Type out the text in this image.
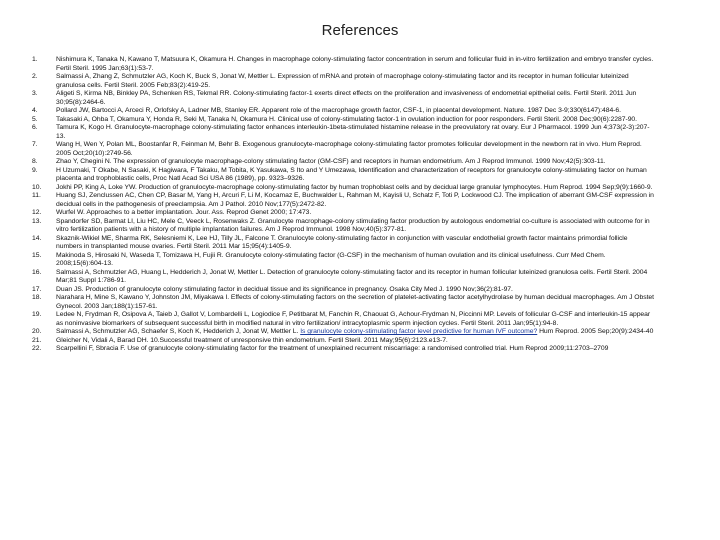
References
1.	Nishimura K, Tanaka N, Kawano T, Matsuura K, Okamura H. Changes in macrophage colony-stimulating factor concentration in serum and follicular fluid in in-vitro fertilization and embryo transfer cycles. Fertil Steril. 1995 Jan;63(1):53-7.
2.	Salmassi A, Zhang Z, Schmutzler AG, Koch K, Buck S, Jonat W, Mettler L. Expression of mRNA and protein of macrophage colony-stimulating factor and its receptor in human follicular luteinized granulosa cells. Fertil Steril. 2005 Feb;83(2):419-25.
3.	Aligeti S, Kirma NB, Binkley PA, Schenken RS, Tekmal RR. Colony-stimulating factor-1 exerts direct effects on the proliferation and invasiveness of endometrial epithelial cells. Fertil Steril. 2011 Jun 30;95(8):2464-6.
4.	Pollard JW, Bartocci A, Arceci R, Orlofsky A, Ladner MB, Stanley ER. Apparent role of the macrophage growth factor, CSF-1, in placental development. Nature. 1987 Dec 3-9;330(6147):484-6.
5.	Takasaki A, Ohba T, Okamura Y, Honda R, Seki M, Tanaka N, Okamura H. Clinical use of colony-stimulating factor-1 in ovulation induction for poor responders. Fertil Steril. 2008 Dec;90(6):2287-90.
6.	Tamura K, Kogo H. Granulocyte-macrophage colony-stimulating factor enhances interleukin-1beta-stimulated histamine release in the preovulatory rat ovary. Eur J Pharmacol. 1999 Jun 4;373(2-3):207-13.
7.	Wang H, Wen Y, Polan ML, Boostanfar R, Feinman M, Behr B. Exogenous granulocyte-macrophage colony-stimulating factor promotes follicular development in the newborn rat in vivo. Hum Reprod. 2005 Oct;20(10):2749-56.
8.	Zhao Y, Chegini N. The expression of granulocyte macrophage-colony stimulating factor (GM-CSF) and receptors in human endometrium. Am J Reprod Immunol. 1999 Nov;42(5):303-11.
9.	H Uzumaki, T Okabe, N Sasaki, K Hagiwara, F Takaku, M Tobita, K Yasukawa, S Ito and Y Umezawa, Identification and characterization of receptors for granulocyte colony-stimulating factor on human placenta and trophoblastic cells, Proc Natl Acad Sci USA 86 (1989), pp. 9323–9326.
10.	Jokhi PP, King A, Loke YW. Production of granulocyte-macrophage colony-stimulating factor by human trophoblast cells and by decidual large granular lymphocytes. Hum Reprod. 1994 Sep;9(9):1660-9.
11.	Huang SJ, Zenclussen AC, Chen CP, Basar M, Yang H, Arcuri F, Li M, Kocamaz E, Buchwalder L, Rahman M, Kayisli U, Schatz F, Toti P, Lockwood CJ. The implication of aberrant GM-CSF expression in decidual cells in the pathogenesis of preeclampsia. Am J Pathol. 2010 Nov;177(5):2472-82.
12.	Wurfel W. Approaches to a better implantation. Jour. Ass. Reprod Genet 2000; 17:473.
13.	Spandorfer SD, Barmat LI, Liu HC, Mele C, Veeck L, Rosenwaks Z. Granulocyte macrophage-colony stimulating factor production by autologous endometrial co-culture is associated with outcome for in vitro fertilization patients with a history of multiple implantation failures. Am J Reprod Immunol. 1998 Nov;40(5):377-81.
14.	Skaznik-Wikiel ME, Sharma RK, Selesniemi K, Lee HJ, Tilly JL, Falcone T. Granulocyte colony-stimulating factor in conjunction with vascular endothelial growth factor maintains primordial follicle numbers in transplanted mouse ovaries. Fertil Steril. 2011 Mar 15;95(4):1405-9.
15.	Makinoda S, Hirosaki N, Waseda T, Tomizawa H, Fujii R. Granulocyte colony-stimulating factor (G-CSF) in the mechanism of human ovulation and its clinical usefulness. Curr Med Chem. 2008;15(6):604-13.
16.	Salmassi A, Schmutzler AG, Huang L, Hedderich J, Jonat W, Mettler L. Detection of granulocyte colony-stimulating factor and its receptor in human follicular luteinized granulosa cells. Fertil Steril. 2004 Mar;81 Suppl 1:786-91.
17.	Duan JS. Production of granulocyte colony stimulating factor in decidual tissue and its significance in pregnancy. Osaka City Med J. 1990 Nov;36(2):81-97.
18.	Narahara H, Mine S, Kawano Y, Johnston JM, Miyakawa I. Effects of colony-stimulating factors on the secretion of platelet-activating factor acetylhydrolase by human decidual macrophages. Am J Obstet Gynecol. 2003 Jan;188(1):157-61.
19.	Ledee N, Frydman R, Osipova A, Taieb J, Gallot V, Lombardelli L, Logiodice F, Petitbarat M, Fanchin R, Chaouat G, Achour-Frydman N, Piccinni MP. Levels of follicular G-CSF and interleukin-15 appear as noninvasive biomarkers of subsequent successful birth in modified natural in vitro fertilization/ intracytoplasmic sperm injection cycles. Fertil Steril. 2011 Jan;95(1):94-8.
20.	Salmassi A, Schmutzler AG, Schaefer S, Koch K, Hedderich J, Jonat W, Mettler L. Is granulocyte colony-stimulating factor level predictive for human IVF outcome? Hum Reprod. 2005 Sep;20(9):2434-40
21.	Gleicher N, Vidali A, Barad DH. 10.Successful treatment of unresponsive thin endometrium. Fertil Steril. 2011 May;95(6):2123.e13-7.
22.	Scarpellini F, Sbracia F. Use of granulocyte colony-stimulating factor for the treatment of unexplained recurrent miscarriage: a randomised controlled trial. Hum Reprod 2009;11:2703–2709
